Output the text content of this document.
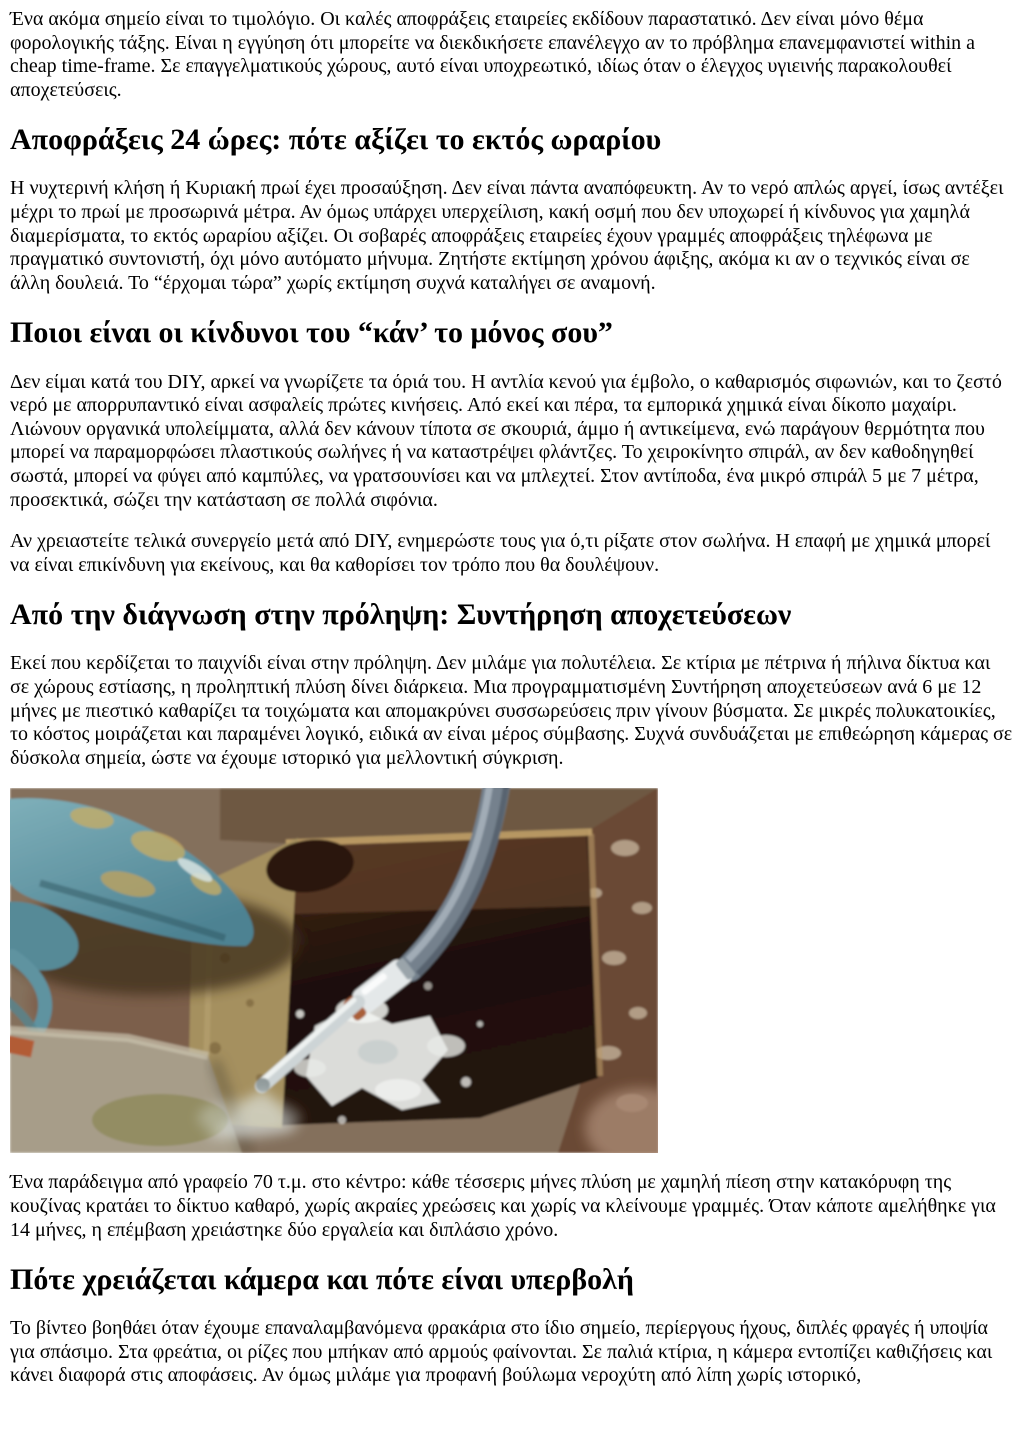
Ένα ακόμα σημείο είναι το τιμολόγιο. Οι καλές αποφράξεις εταιρείες εκδίδουν παραστατικό. Δεν είναι μόνο θέμα φορολογικής τάξης. Είναι η εγγύηση ότι μπορείτε να διεκδικήσετε επανέλεγχο αν το πρόβλημα επανεμφανιστεί within a cheap time-frame. Σε επαγγελματικούς χώρους, αυτό είναι υποχρεωτικό, ιδίως όταν ο έλεγχος υγιεινής παρακολουθεί αποχετεύσεις.

Αποφράξεις 24 ώρες: πότε αξίζει το εκτός ωραρίου

Η νυχτερινή κλήση ή Κυριακή πρωί έχει προσαύξηση. Δεν είναι πάντα αναπόφευκτη. Αν το νερό απλώς αργεί, ίσως αντέξει μέχρι το πρωί με προσωρινά μέτρα. Αν όμως υπάρχει υπερχείλιση, κακή οσμή που δεν υποχωρεί ή κίνδυνος για χαμηλά διαμερίσματα, το εκτός ωραρίου αξίζει. Οι σοβαρές αποφράξεις εταιρείες έχουν γραμμές αποφράξεις τηλέφωνα με πραγματικό συντονιστή, όχι μόνο αυτόματο μήνυμα. Ζητήστε εκτίμηση χρόνου άφιξης, ακόμα κι αν ο τεχνικός είναι σε άλλη δουλειά. Το “έρχομαι τώρα” χωρίς εκτίμηση συχνά καταλήγει σε αναμονή.

Ποιοι είναι οι κίνδυνοι του “κάν’ το μόνος σου”

Δεν είμαι κατά του DIY, αρκεί να γνωρίζετε τα όριά του. Η αντλία κενού για έμβολο, ο καθαρισμός σιφωνιών, και το ζεστό νερό με απορρυπαντικό είναι ασφαλείς πρώτες κινήσεις. Από εκεί και πέρα, τα εμπορικά χημικά είναι δίκοπο μαχαίρι. Λιώνουν οργανικά υπολείμματα, αλλά δεν κάνουν τίποτα σε σκουριά, άμμο ή αντικείμενα, ενώ παράγουν θερμότητα που μπορεί να παραμορφώσει πλαστικούς σωλήνες ή να καταστρέψει φλάντζες. Το χειροκίνητο σπιράλ, αν δεν καθοδηγηθεί σωστά, μπορεί να φύγει από καμπύλες, να γρατσουνίσει και να μπλεχτεί. Στον αντίποδα, ένα μικρό σπιράλ 5 με 7 μέτρα, προσεκτικά, σώζει την κατάσταση σε πολλά σιφόνια.

Αν χρειαστείτε τελικά συνεργείο μετά από DIY, ενημερώστε τους για ό,τι ρίξατε στον σωλήνα. Η επαφή με χημικά μπορεί να είναι επικίνδυνη για εκείνους, και θα καθορίσει τον τρόπο που θα δουλέψουν.

Από την διάγνωση στην πρόληψη: Συντήρηση αποχετεύσεων

Εκεί που κερδίζεται το παιχνίδι είναι στην πρόληψη. Δεν μιλάμε για πολυτέλεια. Σε κτίρια με πέτρινα ή πήλινα δίκτυα και σε χώρους εστίασης, η προληπτική πλύση δίνει διάρκεια. Μια προγραμματισμένη Συντήρηση αποχετεύσεων ανά 6 με 12 μήνες με πιεστικό καθαρίζει τα τοιχώματα και απομακρύνει συσσωρεύσεις πριν γίνουν βύσματα. Σε μικρές πολυκατοικίες, το κόστος μοιράζεται και παραμένει λογικό, ειδικά αν είναι μέρος σύμβασης. Συχνά συνδυάζεται με επιθεώρηση κάμερας σε δύσκολα σημεία, ώστε να έχουμε ιστορικό για μελλοντική σύγκριση.

Ένα παράδειγμα από γραφείο 70 τ.μ. στο κέντρο: κάθε τέσσερις μήνες πλύση με χαμηλή πίεση στην κατακόρυφη της κουζίνας κρατάει το δίκτυο καθαρό, χωρίς ακραίες χρεώσεις και χωρίς να κλείνουμε γραμμές. Όταν κάποτε αμελήθηκε για 14 μήνες, η επέμβαση χρειάστηκε δύο εργαλεία και διπλάσιο χρόνο.

Πότε χρειάζεται κάμερα και πότε είναι υπερβολή

Το βίντεο βοηθάει όταν έχουμε επαναλαμβανόμενα φρακάρια στο ίδιο σημείο, περίεργους ήχους, διπλές φραγές ή υποψία για σπάσιμο. Στα φρεάτια, οι ρίζες που μπήκαν από αρμούς φαίνονται. Σε παλιά κτίρια, η κάμερα εντοπίζει καθιζήσεις και κάνει διαφορά στις αποφάσεις. Αν όμως μιλάμε για προφανή βούλωμα νεροχύτη από λίπη χωρίς ιστορικό,
